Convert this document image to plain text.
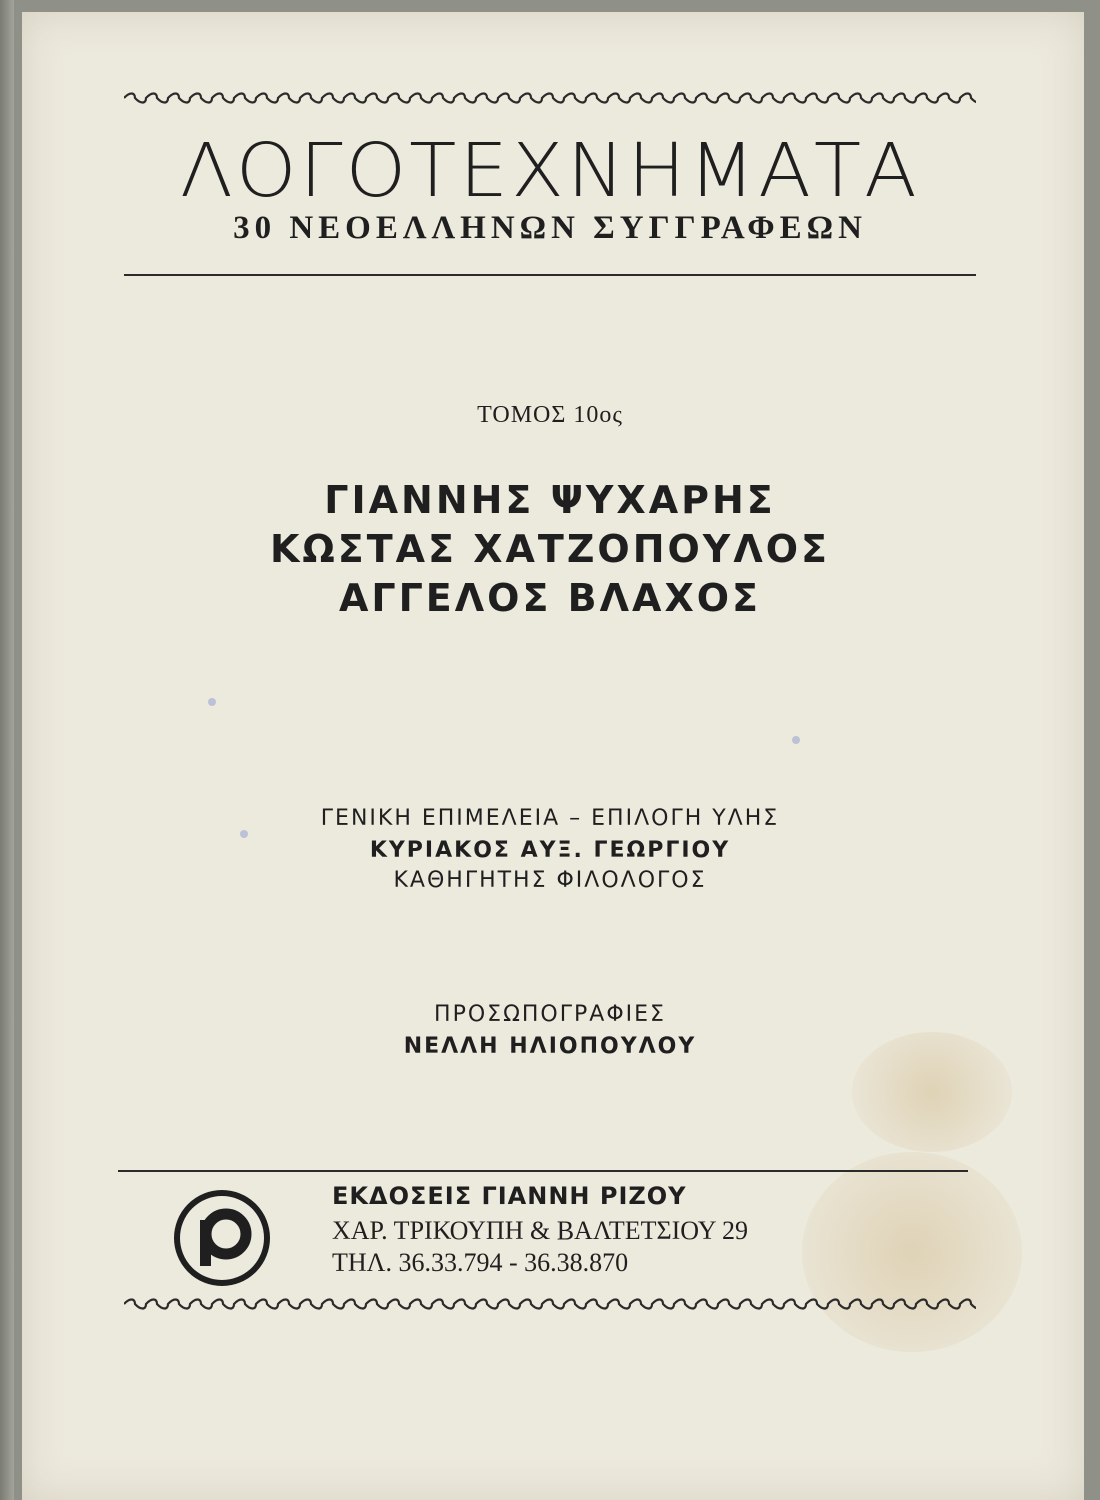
ΛΟΓΟΤΕΧΝΗΜΑΤΑ
30 ΝΕΟΕΛΛΗΝΩΝ ΣΥΓΓΡΑΦΕΩΝ
ΤΟΜΟΣ 10ος
ΓΙΑΝΝΗΣ ΨΥΧΑΡΗΣ
ΚΩΣΤΑΣ ΧΑΤΖΟΠΟΥΛΟΣ
ΑΓΓΕΛΟΣ ΒΛΑΧΟΣ
ΓΕΝΙΚΗ ΕΠΙΜΕΛΕΙΑ – ΕΠΙΛΟΓΗ ΥΛΗΣ
ΚΥΡΙΑΚΟΣ ΑΥΞ. ΓΕΩΡΓΙΟΥ
ΚΑΘΗΓΗΤΗΣ ΦΙΛΟΛΟΓΟΣ
ΠΡΟΣΩΠΟΓΡΑΦΙΕΣ
ΝΕΛΛΗ ΗΛΙΟΠΟΥΛΟΥ
ΕΚΔΟΣΕΙΣ ΓΙΑΝΝΗ ΡΙΖΟΥ
ΧΑΡ. ΤΡΙΚΟΥΠΗ & ΒΑΛΤΕΤΣΙΟΥ 29
ΤΗΛ. 36.33.794 - 36.38.870
